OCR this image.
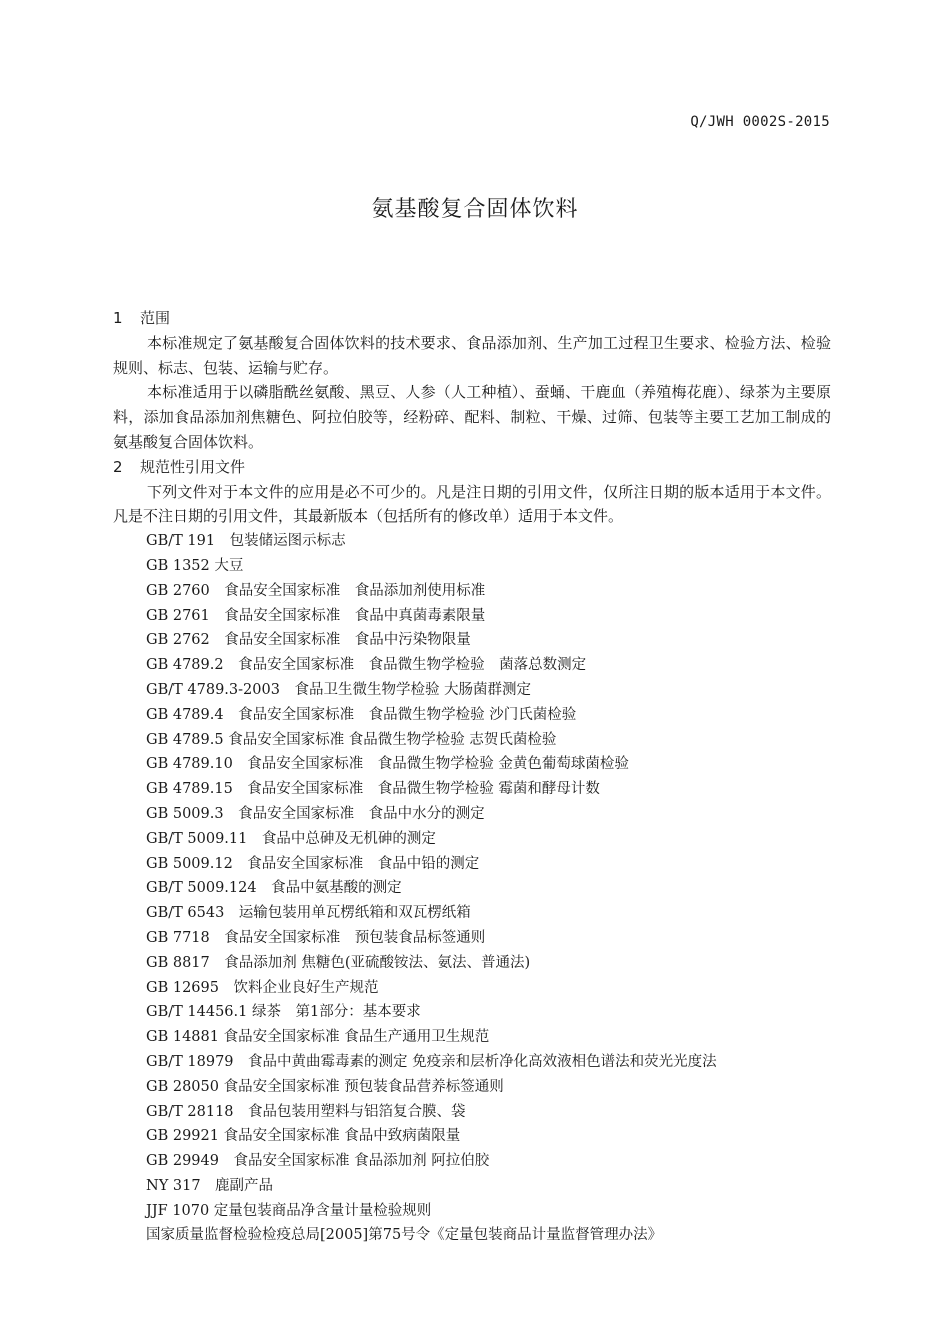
Q/JWH 0002S-2015
氨基酸复合固体饮料
1 范围
本标准规定了氨基酸复合固体饮料的技术要求、食品添加剂、生产加工过程卫生要求、检验方法、检验规则、标志、包装、运输与贮存。
本标准适用于以磷脂酰丝氨酸、黑豆、人参（人工种植）、蚕蛹、干鹿血（养殖梅花鹿）、绿茶为主要原料，添加食品添加剂焦糖色、阿拉伯胶等，经粉碎、配料、制粒、干燥、过筛、包装等主要工艺加工制成的氨基酸复合固体饮料。
2 规范性引用文件
下列文件对于本文件的应用是必不可少的。凡是注日期的引用文件，仅所注日期的版本适用于本文件。凡是不注日期的引用文件，其最新版本（包括所有的修改单）适用于本文件。
GB/T 191　包装储运图示标志
GB 1352 大豆
GB 2760　食品安全国家标准　食品添加剂使用标准
GB 2761　食品安全国家标准　食品中真菌毒素限量
GB 2762　食品安全国家标准　食品中污染物限量
GB 4789.2　食品安全国家标准　食品微生物学检验　菌落总数测定
GB/T 4789.3-2003　食品卫生微生物学检验 大肠菌群测定
GB 4789.4　食品安全国家标准　食品微生物学检验 沙门氏菌检验
GB 4789.5 食品安全国家标准 食品微生物学检验 志贺氏菌检验
GB 4789.10　食品安全国家标准　食品微生物学检验 金黄色葡萄球菌检验
GB 4789.15　食品安全国家标准　食品微生物学检验 霉菌和酵母计数
GB 5009.3　食品安全国家标准　食品中水分的测定
GB/T 5009.11　食品中总砷及无机砷的测定
GB 5009.12　食品安全国家标准　食品中铅的测定
GB/T 5009.124　食品中氨基酸的测定
GB/T 6543　运输包装用单瓦楞纸箱和双瓦楞纸箱
GB 7718　食品安全国家标准　预包装食品标签通则
GB 8817　食品添加剂 焦糖色(亚硫酸铵法、氨法、普通法)
GB 12695　饮料企业良好生产规范
GB/T 14456.1 绿茶　第1部分：基本要求
GB 14881 食品安全国家标准 食品生产通用卫生规范
GB/T 18979　食品中黄曲霉毒素的测定 免疫亲和层析净化高效液相色谱法和荧光光度法
GB 28050 食品安全国家标准 预包装食品营养标签通则
GB/T 28118　食品包装用塑料与铝箔复合膜、袋
GB 29921 食品安全国家标准 食品中致病菌限量
GB 29949　食品安全国家标准 食品添加剂 阿拉伯胶
NY 317　鹿副产品
JJF 1070 定量包装商品净含量计量检验规则
国家质量监督检验检疫总局[2005]第75号令《定量包装商品计量监督管理办法》
